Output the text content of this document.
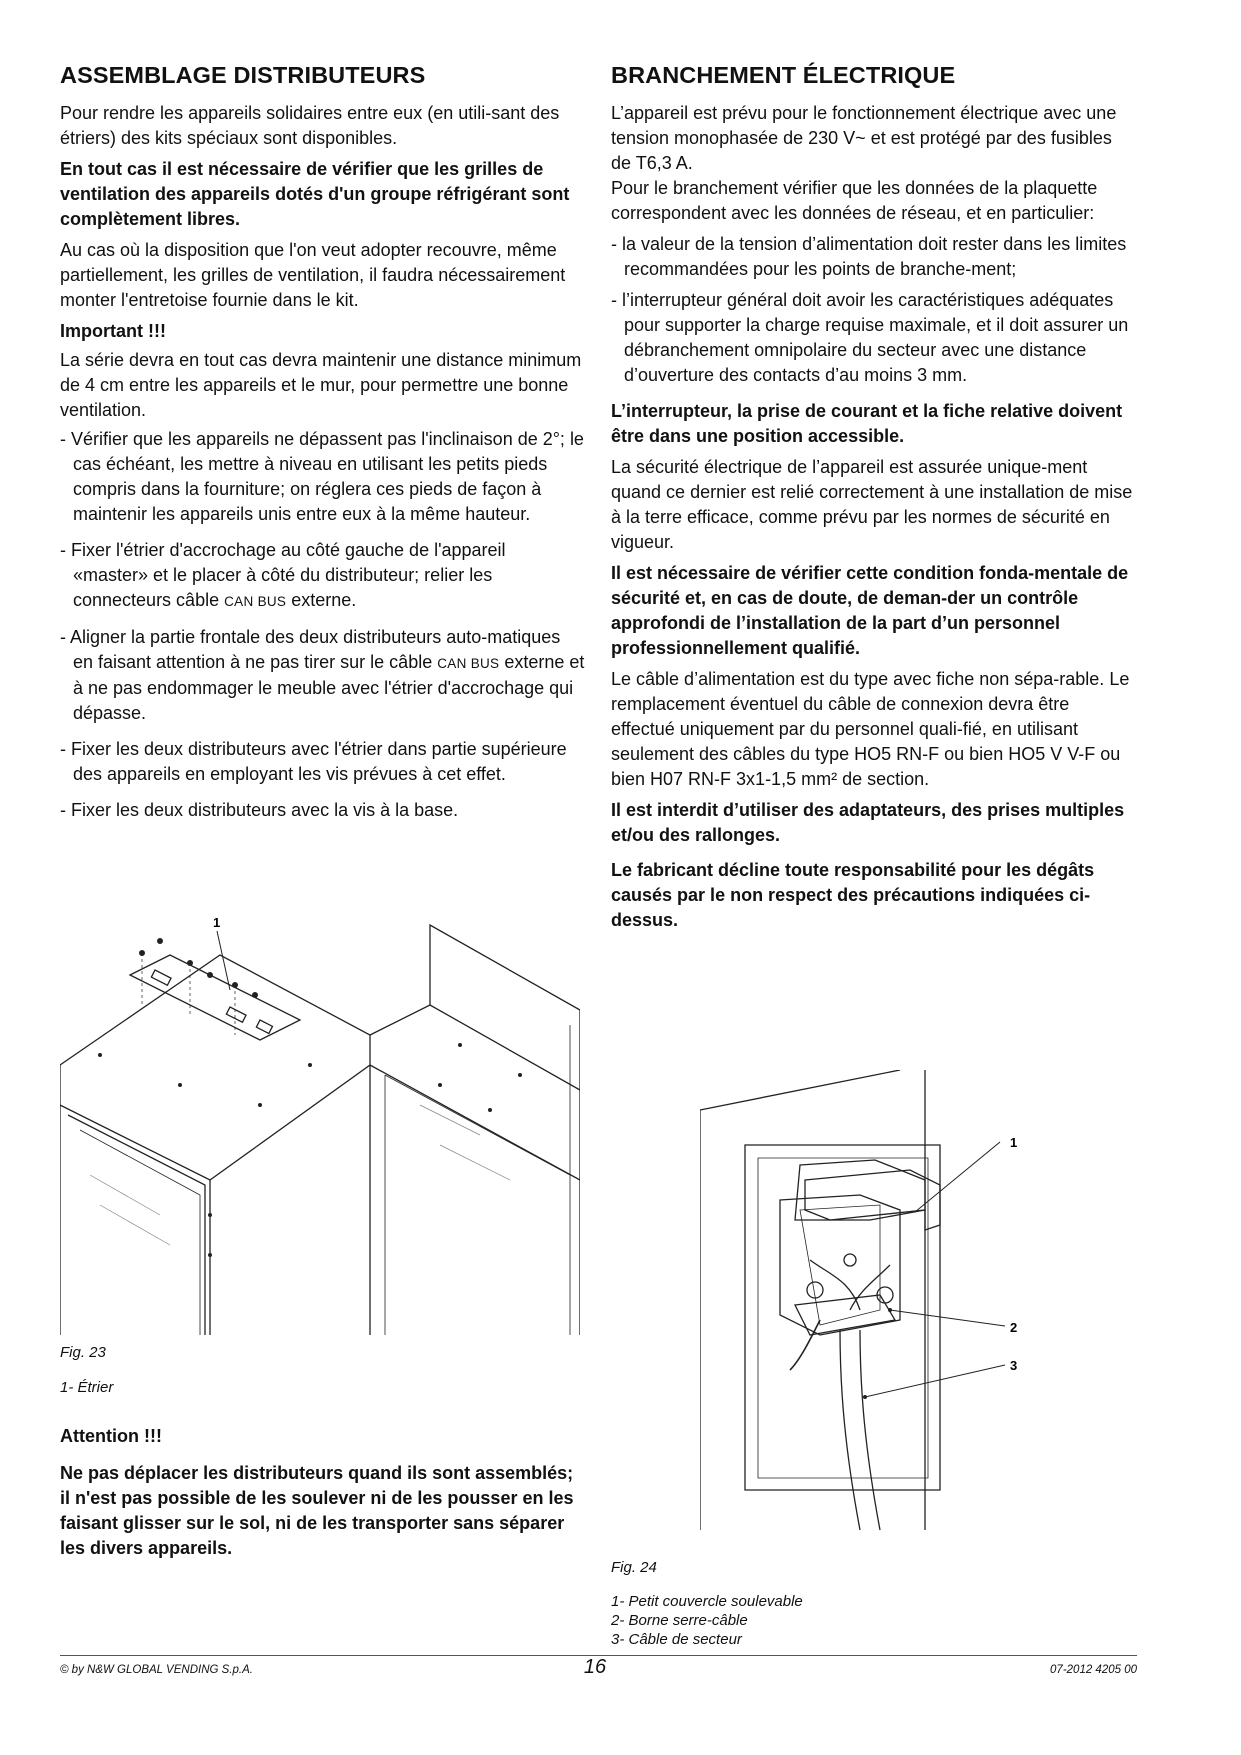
ASSEMBLAGE DISTRIBUTEURS

Pour rendre les appareils solidaires entre eux (en utili-sant des étriers) des kits spéciaux sont disponibles.

En tout cas il est nécessaire de vérifier que les grilles de ventilation des appareils dotés d'un groupe réfrigérant sont complètement libres.

Au cas où la disposition que l'on veut adopter recouvre, même partiellement, les grilles de ventilation, il faudra nécessairement monter l'entretoise fournie dans le kit.

Important !!!

La série devra en tout cas devra maintenir une distance minimum de 4 cm entre les appareils et le mur, pour permettre une bonne ventilation.

- Vérifier que les appareils ne dépassent pas l'inclinaison de 2°; le cas échéant, les mettre à niveau en utilisant les petits pieds compris dans la fourniture; on réglera ces pieds de façon à maintenir les appareils unis entre eux à la même hauteur.
- Fixer l'étrier d'accrochage au côté gauche de l'appareil «master» et le placer à côté du distributeur; relier les connecteurs câble CAN BUS externe.
- Aligner la partie frontale des deux distributeurs auto-matiques en faisant attention à ne pas tirer sur le câble CAN BUS externe et à ne pas endommager le meuble avec l'étrier d'accrochage qui dépasse.
- Fixer les deux distributeurs avec l'étrier dans partie supérieure des appareils en employant les vis prévues à cet effet.
- Fixer les deux distributeurs avec la vis à la base.
1
Fig. 23
1- Étrier

Attention !!!

Ne pas déplacer les distributeurs quand ils sont assemblés; il n'est pas possible de les soulever ni de les pousser en les faisant glisser sur le sol, ni de les transporter sans séparer les divers appareils.

BRANCHEMENT ÉLECTRIQUE

L’appareil est prévu pour le fonctionnement électrique avec une tension monophasée de 230 V~ et est protégé par des fusibles de T6,3 A.

Pour le branchement vérifier que les données de la plaquette correspondent avec les données de réseau, et en particulier:

- la valeur de la tension d’alimentation doit rester dans les limites recommandées pour les points de branche-ment;
- l’interrupteur général doit avoir les caractéristiques adéquates pour supporter la charge requise maximale, et il doit assurer un débranchement omnipolaire du secteur avec une distance d’ouverture des contacts d’au moins 3 mm.

L’interrupteur, la prise de courant et la fiche relative doivent être dans une position accessible.

La sécurité électrique de l’appareil est assurée unique-ment quand ce dernier est relié correctement à une installation de mise à la terre efficace, comme prévu par les normes de sécurité en vigueur.

Il est nécessaire de vérifier cette condition fonda-mentale de sécurité et, en cas de doute, de deman-der un contrôle approfondi de l’installation de la part d’un personnel professionnellement qualifié.

Le câble d’alimentation est du type avec fiche non sépa-rable. Le remplacement éventuel du câble de connexion devra être effectué uniquement par du personnel quali-fié, en utilisant seulement des câbles du type HO5 RN-F ou bien HO5 V V-F ou bien H07 RN-F 3x1-1,5 mm² de section.

Il est interdit d’utiliser des adaptateurs, des prises multiples et/ou des rallonges.

Le fabricant décline toute responsabilité pour les dégâts causés par le non respect des précautions indiquées ci-dessus.

1
2
3
Fig. 24
1- Petit couvercle soulevable
2- Borne serre-câble
3- Câble de secteur
© by N&W GLOBAL VENDING S.p.A.	16	07-2012 4205 00
